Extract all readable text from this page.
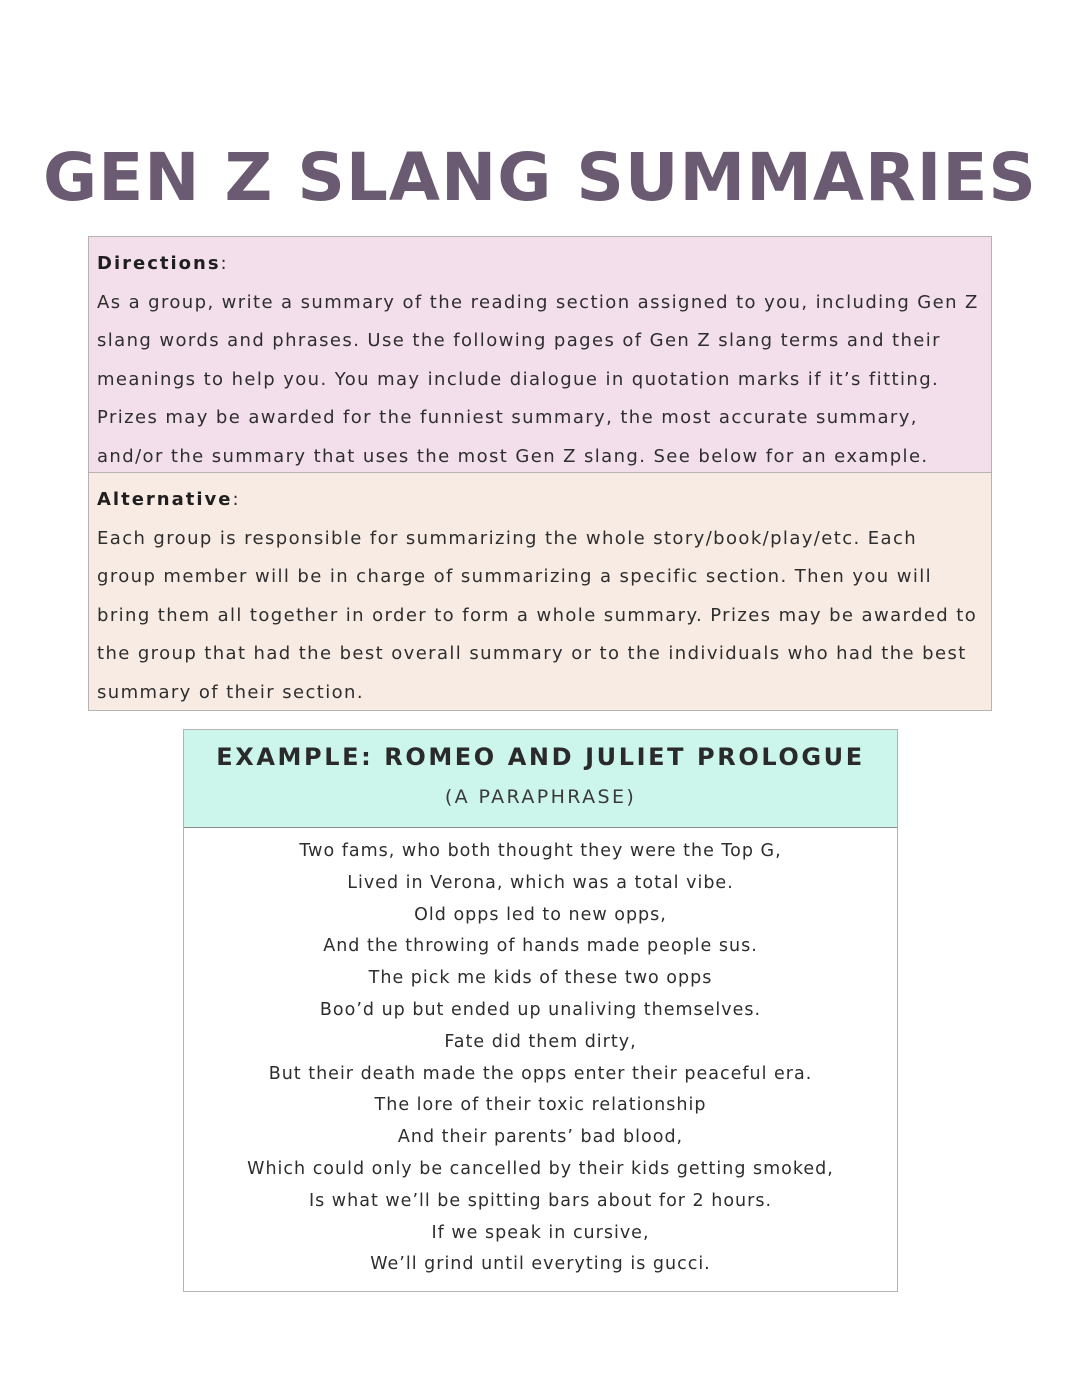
GEN Z SLANG SUMMARIES
Directions:

As a group, write a summary of the reading section assigned to you, including Gen Z slang words and phrases. Use the following pages of Gen Z slang terms and their meanings to help you. You may include dialogue in quotation marks if it’s fitting. Prizes may be awarded for the funniest summary, the most accurate summary, and/or the summary that uses the most Gen Z slang. See below for an example.

Alternative:

Each group is responsible for summarizing the whole story/book/play/etc. Each group member will be in charge of summarizing a specific section. Then you will bring them all together in order to form a whole summary. Prizes may be awarded to the group that had the best overall summary or to the individuals who had the best summary of their section.

EXAMPLE: ROMEO AND JULIET PROLOGUE
(A PARAPHRASE)
Two fams, who both thought they were the Top G,
Lived in Verona, which was a total vibe.
Old opps led to new opps,
And the throwing of hands made people sus.
The pick me kids of these two opps
Boo’d up but ended up unaliving themselves.
Fate did them dirty,
But their death made the opps enter their peaceful era.
The lore of their toxic relationship
And their parents’ bad blood,
Which could only be cancelled by their kids getting smoked,
Is what we’ll be spitting bars about for 2 hours.
If we speak in cursive,
We’ll grind until everyting is gucci.
